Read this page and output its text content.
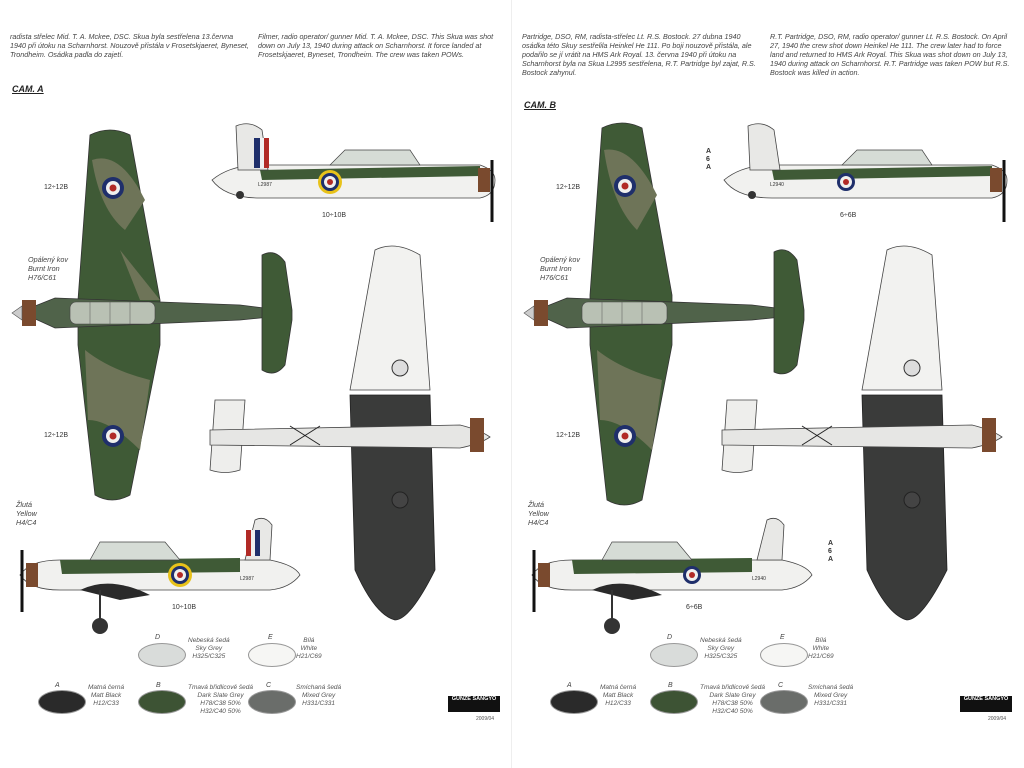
radista střelec Mid. T. A. Mckee, DSC. Skua byla sestřelena 13.června 1940 při útoku na Scharnhorst. Nouzově přistála v Frosetskjaeret, Byneset, Trondheim. Osádka padla do zajetí.
Filmer, radio operator/ gunner Mid. T. A. Mckee, DSC. This Skua was shot down on July 13, 1940 during attack on Scharnhorst. It force landed at Frosetskjaeret, Byneset, Trondheim. The crew was taken POWs.
CAM. A
L2987
L2987
12÷12B
12÷12B
10÷10B
10÷10B
Opálený kov
Burnt Iron
H76/C61
Žlutá
Yellow
H4/C4
D	Nebeská šedá
Sky Grey
H325/C325
E	Bílá
White
H21/C69
A	Matná černá
Matt Black
H12/C33
B	Tmavá břidlicově šedá
Dark Slate Grey
H78/C38 50%
H32/C40 50%
C	Smíchaná šedá
Mixed Grey
H331/C331
GUNZE SANGYO
2009/04
Partridge, DSO, RM, radista-střelec Lt. R.S. Bostock. 27 dubna 1940 osádka této Skuy sestřelila Heinkel He 111. Po boji nouzově přistála, ale podařilo se jí vrátit na HMS Ark Royal. 13. června 1940 při útoku na Scharnhorst byla na Skua L2995 sestřelena, R.T. Partridge byl zajat, R.S. Bostock zahynul.
R.T. Partridge, DSO, RM, radio operator/ gunner Lt. R.S. Bostock. On April 27, 1940 the crew shot down Heinkel He 111. The crew later had to force land and returned to HMS Ark Royal. This Skua was shot down on July 13, 1940 during attack on Scharnhorst. R.T. Partridge was taken POW but R.S. Bostock was killed in action.
CAM. B
L2940
L2940
12÷12B
12÷12B
6÷6B
6÷6B
Opálený kov
Burnt Iron
H76/C61
Žlutá
Yellow
H4/C4
A
6
A
A
6
A
D	Nebeská šedá
Sky Grey
H325/C325
E	Bílá
White
H21/C69
A	Matná černá
Matt Black
H12/C33
B	Tmavá břidlicově šedá
Dark Slate Grey
H78/C38 50%
H32/C40 50%
C	Smíchaná šedá
Mixed Grey
H331/C331
GUNZE SANGYO
2009/04
